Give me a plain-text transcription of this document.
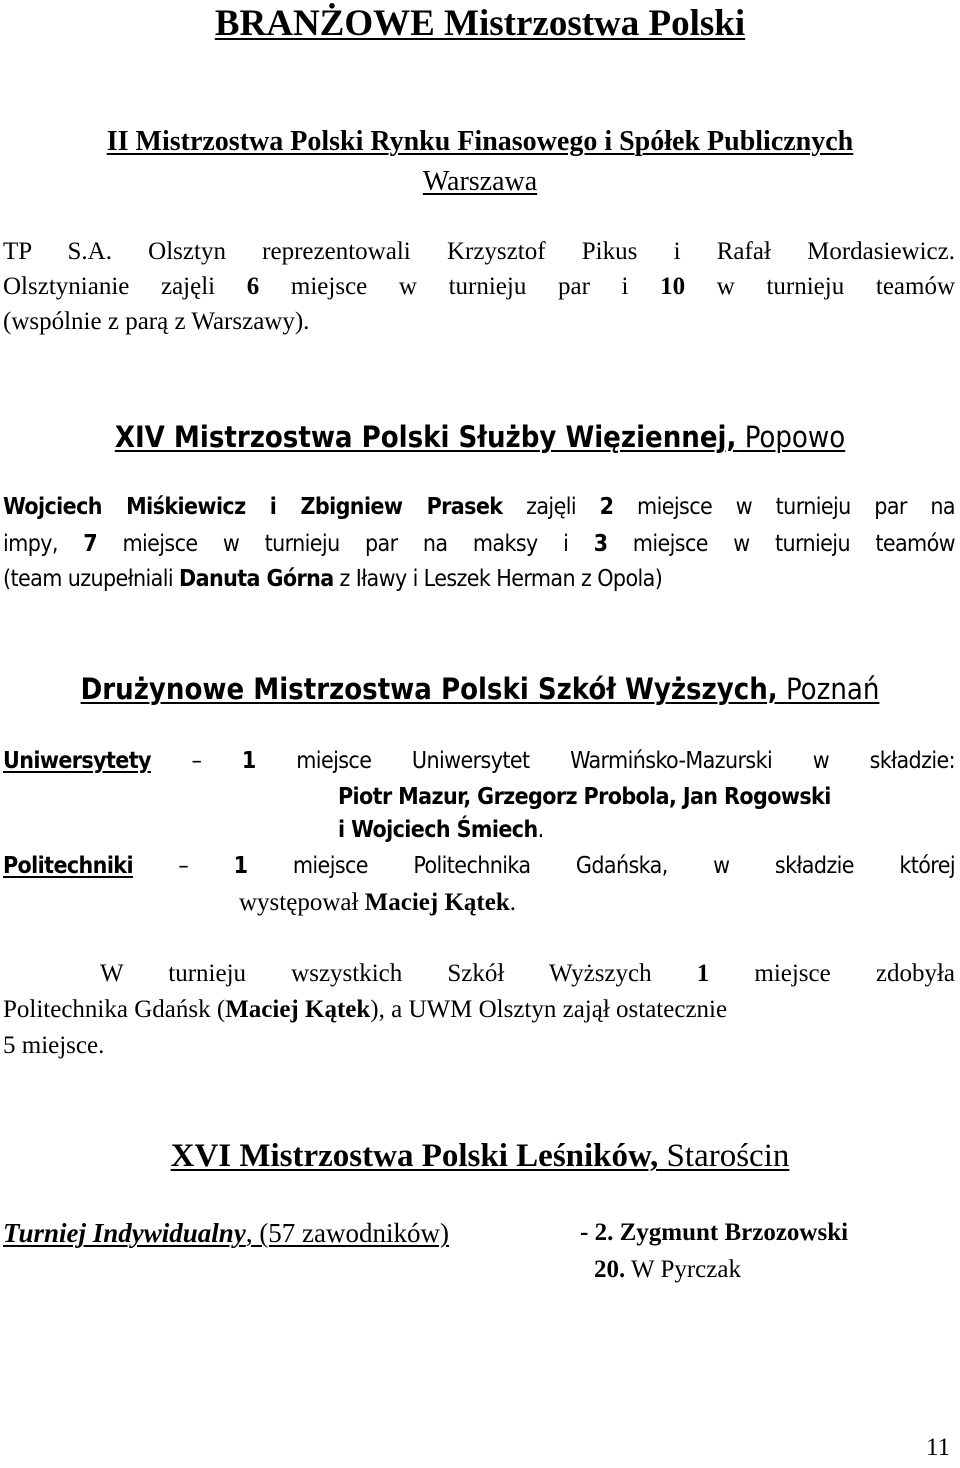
BRANŻOWE Mistrzostwa Polski
II Mistrzostwa Polski Rynku Finasowego i Spółek Publicznych
Warszawa
TP S.A. Olsztyn reprezentowali Krzysztof Pikus i Rafał Mordasiewicz.
Olsztynianie zajęli 6 miejsce w turnieju par i 10 w turnieju teamów
(wspólnie z parą z Warszawy).
XIV Mistrzostwa Polski Służby Więziennej, Popowo
Wojciech Miśkiewicz i Zbigniew Prasek zajęli 2 miejsce w turnieju par na
impy, 7 miejsce w turnieju par na maksy i 3 miejsce w turnieju teamów
(team uzupełniali Danuta Górna z Iławy i Leszek Herman z Opola)
Drużynowe Mistrzostwa Polski Szkół Wyższych, Poznań
Uniwersytety – 1 miejsce Uniwersytet Warmińsko-Mazurski w składzie:
Piotr Mazur, Grzegorz Probola, Jan Rogowski
i Wojciech Śmiech.
Politechniki – 1 miejsce Politechnika Gdańska, w składzie której
występował Maciej Kątek.
W turnieju wszystkich Szkół Wyższych 1 miejsce zdobyła
Politechnika Gdańsk (Maciej Kątek), a UWM Olsztyn zajął ostatecznie
5 miejsce.
XVI Mistrzostwa Polski Leśników, Starościn
Turniej Indywidualny, (57 zawodników)	- 2. Zygmunt Brzozowski
20. W Pyrczak
11
